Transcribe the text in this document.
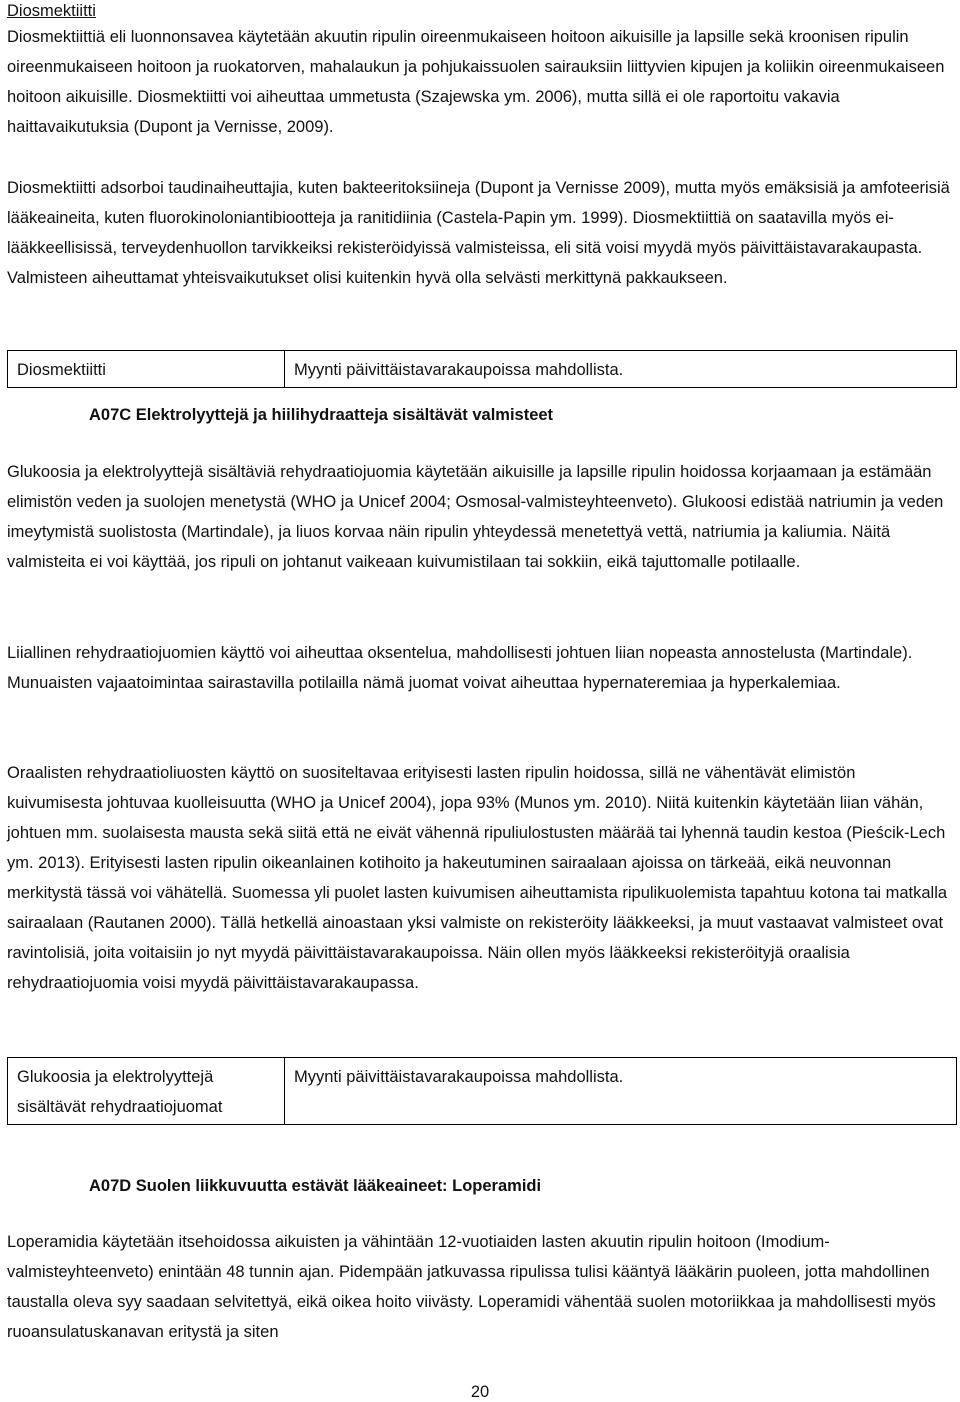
Diosmektiitti

Diosmektiittiä eli luonnonsavea käytetään akuutin ripulin oireenmukaiseen hoitoon aikuisille ja lapsille sekä kroonisen ripulin oireenmukaiseen hoitoon ja ruokatorven, mahalaukun ja pohjukaissuolen sairauksiin liittyvien kipujen ja koliikin oireenmukaiseen hoitoon aikuisille. Diosmektiitti voi aiheuttaa ummetusta (Szajewska ym. 2006), mutta sillä ei ole raportoitu vakavia haittavaikutuksia (Dupont ja Vernisse, 2009).

Diosmektiitti adsorboi taudinaiheuttajia, kuten bakteeritoksiineja (Dupont ja Vernisse 2009), mutta myös emäksisiä ja amfoteerisiä lääkeaineita, kuten fluorokinoloniantibiootteja ja ranitidiinia (Castela-Papin ym. 1999). Diosmektiittiä on saatavilla myös ei-lääkkeellisissä, terveydenhuollon tarvikkeiksi rekisteröidyissä valmisteissa, eli sitä voisi myydä myös päivittäistavarakaupasta. Valmisteen aiheuttamat yhteisvaikutukset olisi kuitenkin hyvä olla selvästi merkittynä pakkaukseen.

Diosmektiitti	Myynti päivittäistavarakaupoissa mahdollista.

A07C Elektrolyyttejä ja hiilihydraatteja sisältävät valmisteet

Glukoosia ja elektrolyyttejä sisältäviä rehydraatiojuomia käytetään aikuisille ja lapsille ripulin hoidossa korjaamaan ja estämään elimistön veden ja suolojen menetystä (WHO ja Unicef 2004; Osmosal-valmisteyhteenveto). Glukoosi edistää natriumin ja veden imeytymistä suolistosta (Martindale), ja liuos korvaa näin ripulin yhteydessä menetettyä vettä, natriumia ja kaliumia. Näitä valmisteita ei voi käyttää, jos ripuli on johtanut vaikeaan kuivumistilaan tai sokkiin, eikä tajuttomalle potilaalle.

Liiallinen rehydraatiojuomien käyttö voi aiheuttaa oksentelua, mahdollisesti johtuen liian nopeasta annostelusta (Martindale). Munuaisten vajaatoimintaa sairastavilla potilailla nämä juomat voivat aiheuttaa hypernateremiaa ja hyperkalemiaa.

Oraalisten rehydraatioliuosten käyttö on suositeltavaa erityisesti lasten ripulin hoidossa, sillä ne vähentävät elimistön kuivumisesta johtuvaa kuolleisuutta (WHO ja Unicef 2004), jopa 93% (Munos ym. 2010). Niitä kuitenkin käytetään liian vähän, johtuen mm. suolaisesta mausta sekä siitä että ne eivät vähennä ripuliulostusten määrää tai lyhennä taudin kestoa (Pieścik-Lech ym. 2013). Erityisesti lasten ripulin oikeanlainen kotihoito ja hakeutuminen sairaalaan ajoissa on tärkeää, eikä neuvonnan merkitystä tässä voi vähätellä. Suomessa yli puolet lasten kuivumisen aiheuttamista ripulikuolemista tapahtuu kotona tai matkalla sairaalaan (Rautanen 2000). Tällä hetkellä ainoastaan yksi valmiste on rekisteröity lääkkeeksi, ja muut vastaavat valmisteet ovat ravintolisiä, joita voitaisiin jo nyt myydä päivittäistavarakaupoissa. Näin ollen myös lääkkeeksi rekisteröityjä oraalisia rehydraatiojuomia voisi myydä päivittäistavarakaupassa.

Glukoosia ja elektrolyyttejä sisältävät rehydraatiojuomat	Myynti päivittäistavarakaupoissa mahdollista.

A07D Suolen liikkuvuutta estävät lääkeaineet: Loperamidi

Loperamidia käytetään itsehoidossa aikuisten ja vähintään 12-vuotiaiden lasten akuutin ripulin hoitoon (Imodium-valmisteyhteenveto) enintään 48 tunnin ajan. Pidempään jatkuvassa ripulissa tulisi kääntyä lääkärin puoleen, jotta mahdollinen taustalla oleva syy saadaan selvitettyä, eikä oikea hoito viivästy. Loperamidi vähentää suolen motoriikkaa ja mahdollisesti myös ruoansulatuskanavan eritystä ja siten

20
